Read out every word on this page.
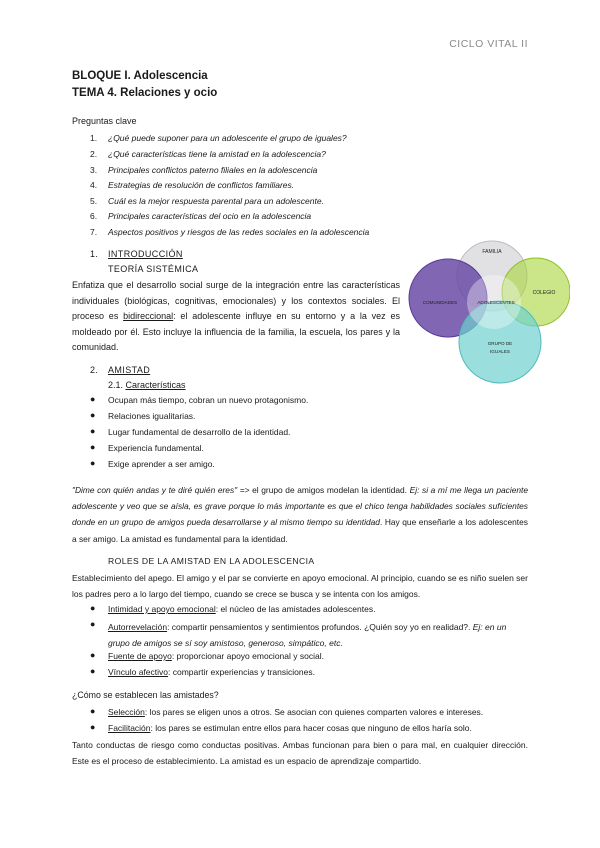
CICLO VITAL II
BLOQUE I. Adolescencia
TEMA 4. Relaciones y ocio
Preguntas clave
1. ¿Qué puede suponer para un adolescente el grupo de iguales?
2. ¿Qué características tiene la amistad en la adolescencia?
3. Principales conflictos paterno filiales en la adolescencia
4. Estrategias de resolución de conflictos familiares.
5. Cuál es la mejor respuesta parental para un adolescente.
6. Principales características del ocio en la adolescencia
7. Aspectos positivos y riesgos de las redes sociales en la adolescencia
1. INTRODUCCIÓN
TEORÍA SISTÉMICA
Enfatiza que el desarrollo social surge de la integración entre las características individuales (biológicas, cognitivas, emocionales) y los contextos sociales. El proceso es bidireccional: el adolescente influye en su entorno y a la vez es moldeado por él. Esto incluye la influencia de la familia, la escuela, los pares y la comunidad.
FAMILIA
COLEGIO
COMUNIDADES	ADOLESCENTES
GRUPO DE
IGUALES
2. AMISTAD
2.1. Características
● Ocupan más tiempo, cobran un nuevo protagonismo.
● Relaciones igualitarias.
● Lugar fundamental de desarrollo de la identidad.
● Experiencia fundamental.
● Exige aprender a ser amigo.
"Dime con quién andas y te diré quién eres" => el grupo de amigos modelan la identidad. Ej: si a mí me llega un paciente adolescente y veo que se aísla, es grave porque lo más importante es que el chico tenga habilidades sociales suficientes donde en un grupo de amigos pueda desarrollarse y al mismo tiempo su identidad. Hay que enseñarle a los adolescentes a ser amigo. La amistad es fundamental para la identidad.
ROLES DE LA AMISTAD EN LA ADOLESCENCIA
Establecimiento del apego. El amigo y el par se convierte en apoyo emocional. Al principio, cuando se es niño suelen ser los padres pero a lo largo del tiempo, cuando se crece se busca y se intenta con los amigos.
● Intimidad y apoyo emocional: el núcleo de las amistades adolescentes.
● Autorrevelación: compartir pensamientos y sentimientos profundos. ¿Quién soy yo en realidad?. Ej: en un grupo de amigos se sí soy amistoso, generoso, simpático, etc.
● Fuente de apoyo: proporcionar apoyo emocional y social.
● Vínculo afectivo: compartir experiencias y transiciones.
¿Cómo se establecen las amistades?
● Selección: los pares se eligen unos a otros. Se asocian con quienes comparten valores e intereses.
● Facilitación: los pares se estimulan entre ellos para hacer cosas que ninguno de ellos haría solo.
Tanto conductas de riesgo como conductas positivas. Ambas funcionan para bien o para mal, en cualquier dirección. Este es el proceso de establecimiento. La amistad es un espacio de aprendizaje compartido.
